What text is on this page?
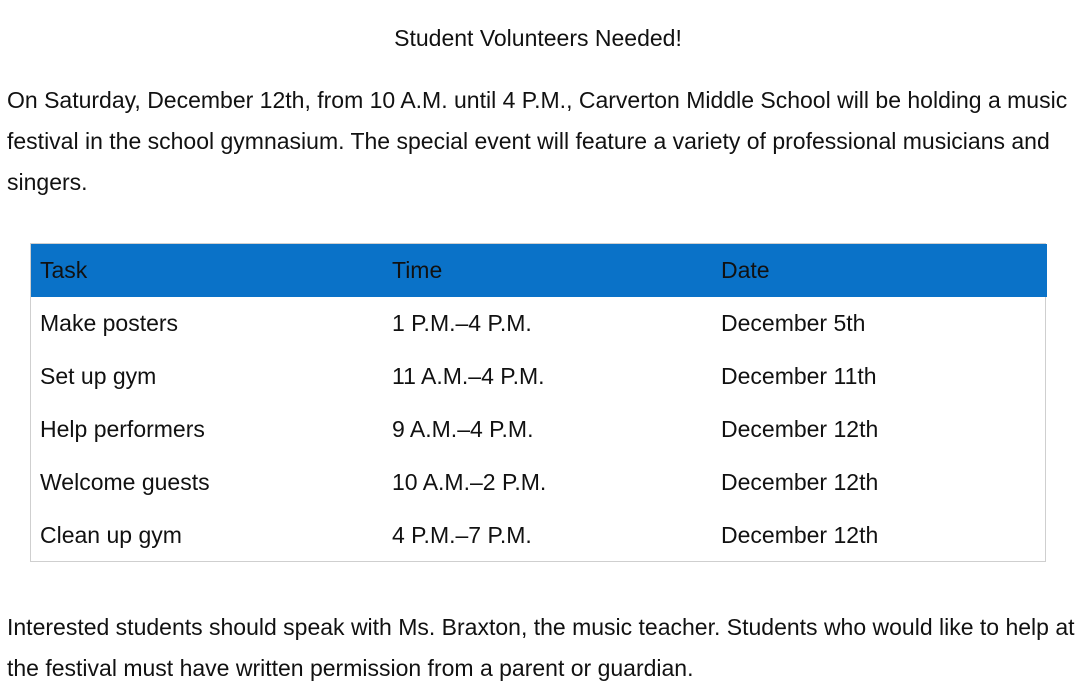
Student Volunteers Needed!

On Saturday, December 12th, from 10 A.M. until 4 P.M., Carverton Middle School will be holding a music festival in the school gymnasium. The special event will feature a variety of professional musicians and singers.

Task	Time	Date
Make posters	1 P.M.–4 P.M.	December 5th
Set up gym	11 A.M.–4 P.M.	December 11th
Help performers	9 A.M.–4 P.M.	December 12th
Welcome guests	10 A.M.–2 P.M.	December 12th
Clean up gym	4 P.M.–7 P.M.	December 12th

Interested students should speak with Ms. Braxton, the music teacher. Students who would like to help at the festival must have written permission from a parent or guardian.
